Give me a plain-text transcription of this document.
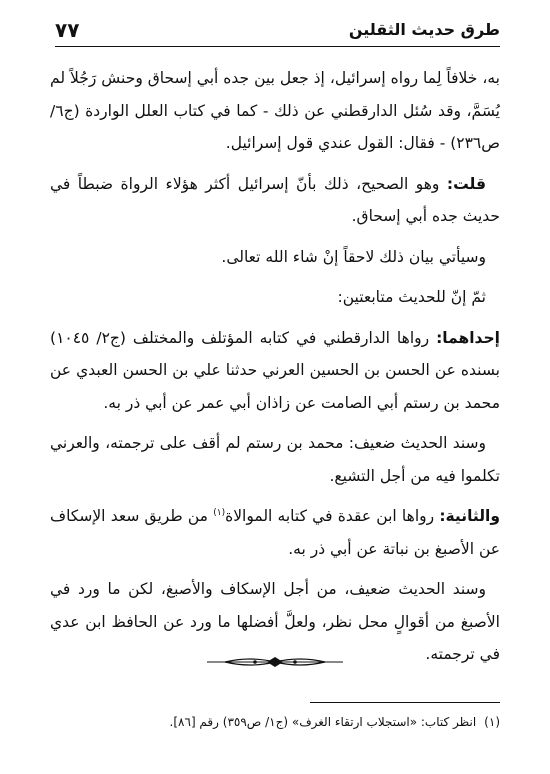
طرق حديث الثقلين
٧٧

به، خلافاً لِما رواه إسرائيل، إذ جعل بين جده أبي إسحاق وحنش رَجُلاً لم يُسَمَّ، وقد سُئل الدارقطني عن ذلك - كما في كتاب العلل الواردة (ج٦/ ص٢٣٦) - فقال: القول عندي قول إسرائيل.

قلت: وهو الصحيح، ذلك بأنّ إسرائيل أكثر هؤلاء الرواة ضبطاً في حديث جده أبي إسحاق.

وسيأتي بيان ذلك لاحقاً إنْ شاء الله تعالى.

ثمّ إنّ للحديث متابعتين:

إحداهما: رواها الدارقطني في كتابه المؤتلف والمختلف (ج٢/ ١٠٤٥) بسنده عن الحسن بن الحسين العرني حدثنا علي بن الحسن العبدي عن محمد بن رستم أبي الصامت عن زاذان أبي عمر عن أبي ذر به.

وسند الحديث ضعيف: محمد بن رستم لم أقف على ترجمته، والعرني تكلموا فيه من أجل التشيع.

والثانية: رواها ابن عقدة في كتابه الموالاة$^{(١)}$ من طريق سعد الإسكاف عن الأصبغ بن نباتة عن أبي ذر به.

وسند الحديث ضعيف، من أجل الإسكاف والأصبغ، لكن ما ورد في الأصبغ من أقوالٍ محل نظر، ولعلَّ أفضلها ما ورد عن الحافظ ابن عدي في ترجمته.

(١)انظر كتاب: «استجلاب ارتقاء الغرف» (ج١/ ص٣٥٩) رقم [٨٦].
